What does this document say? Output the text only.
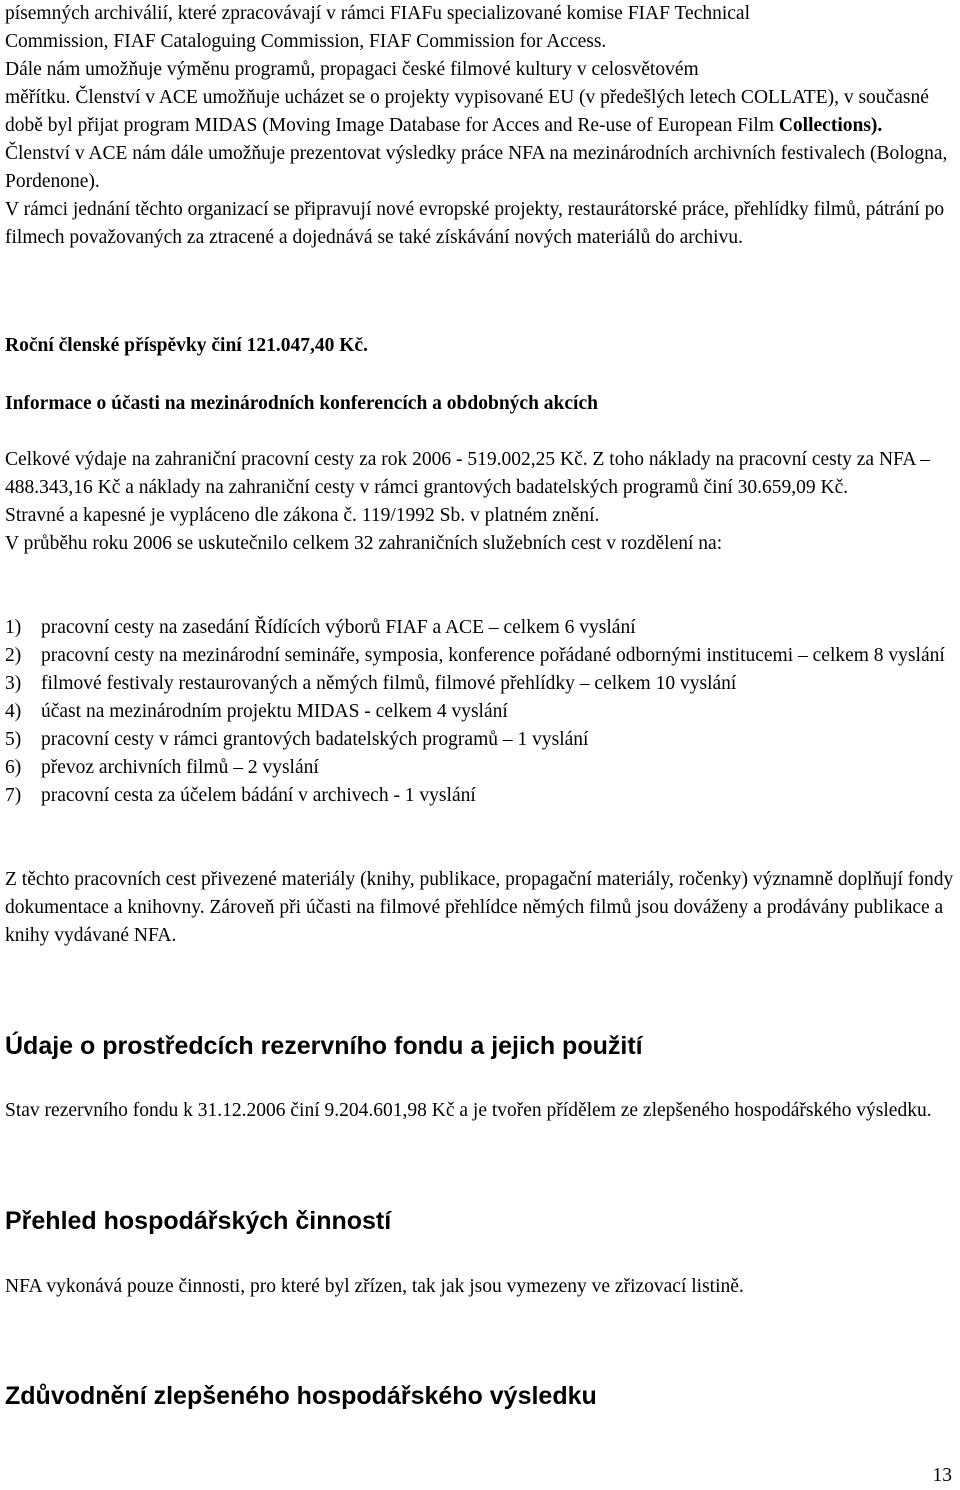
písemných archiválií, které zpracovávají v rámci FIAFu specializované komise FIAF Technical

Commission, FIAF Cataloguing Commission, FIAF Commission for Access.

Dále nám umožňuje výměnu programů, propagaci české filmové kultury v celosvětovém

měřítku. Členství v ACE umožňuje ucházet se o projekty vypisované EU (v předešlých letech COLLATE), v současné době byl přijat program MIDAS (Moving Image Database for Acces and Re-use of European Film Collections).

Členství v ACE nám dále umožňuje prezentovat výsledky práce NFA na mezinárodních archivních festivalech (Bologna, Pordenone).

V rámci jednání těchto organizací se připravují nové evropské projekty, restaurátorské práce, přehlídky filmů, pátrání po filmech považovaných za ztracené a dojednává se také získávání nových materiálů do archivu.

Roční členské příspěvky činí 121.047,40 Kč.

Informace o účasti na mezinárodních konferencích a obdobných akcích

Celkové výdaje na zahraniční pracovní cesty za rok 2006 - 519.002,25 Kč. Z toho náklady na pracovní cesty za NFA – 488.343,16 Kč a náklady na zahraniční cesty v rámci grantových badatelských programů činí 30.659,09 Kč.

Stravné a kapesné je vypláceno dle zákona č. 119/1992 Sb. v platném znění.

V průběhu roku 2006 se uskutečnilo celkem 32 zahraničních služebních cest v rozdělení na:

1) pracovní cesty na zasedání Řídících výborů FIAF a ACE – celkem 6 vyslání
2) pracovní cesty na mezinárodní semináře, symposia, konference pořádané odbornými institucemi – celkem 8 vyslání
3) filmové festivaly restaurovaných a němých filmů, filmové přehlídky – celkem 10 vyslání
4) účast na mezinárodním projektu MIDAS - celkem 4 vyslání
5) pracovní cesty v rámci grantových badatelských programů – 1 vyslání
6) převoz archivních filmů – 2 vyslání
7) pracovní cesta za účelem bádání v archivech - 1 vyslání

Z těchto pracovních cest přivezené materiály (knihy, publikace, propagační materiály, ročenky) významně doplňují fondy dokumentace a knihovny. Zároveň při účasti na filmové přehlídce němých filmů jsou dováženy a prodávány publikace a knihy vydávané NFA.

Údaje o prostředcích rezervního fondu a jejich použití

Stav rezervního fondu k 31.12.2006 činí 9.204.601,98 Kč a je tvořen přídělem ze zlepšeného hospodářského výsledku.

Přehled hospodářských činností

NFA vykonává pouze činnosti, pro které byl zřízen, tak jak jsou vymezeny ve zřizovací listině.

Zdůvodnění zlepšeného hospodářského výsledku
13
